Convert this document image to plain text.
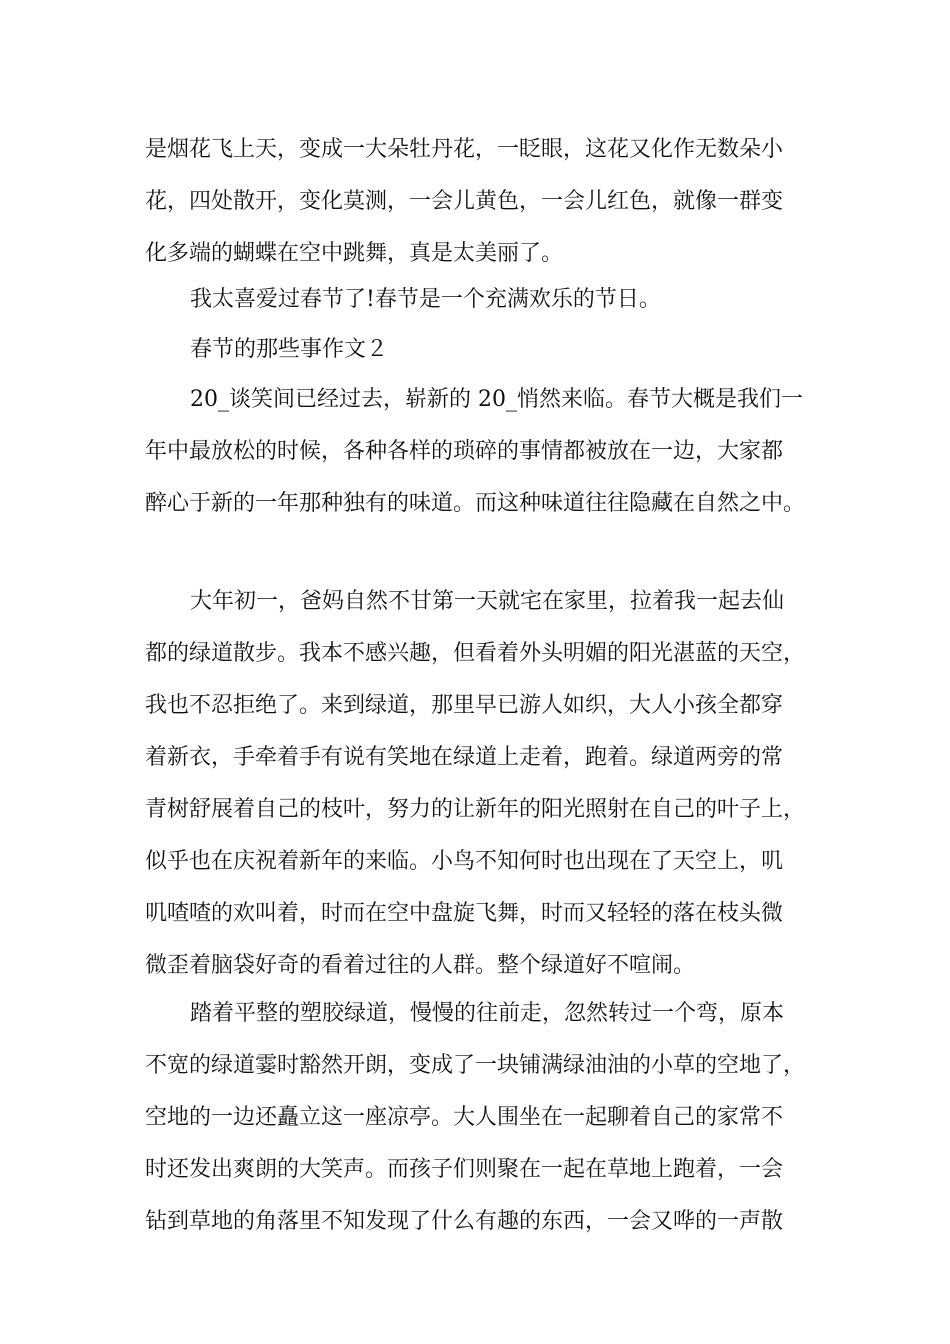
是烟花飞上天，变成一大朵牡丹花，一眨眼，这花又化作无数朵小
花，四处散开，变化莫测，一会儿黄色，一会儿红色，就像一群变
化多端的蝴蝶在空中跳舞，真是太美丽了。
我太喜爱过春节了!春节是一个充满欢乐的节日。
春节的那些事作文２
20_谈笑间已经过去，崭新的 20_悄然来临。春节大概是我们一
年中最放松的时候，各种各样的琐碎的事情都被放在一边，大家都
醉心于新的一年那种独有的味道。而这种味道往往隐藏在自然之中。
大年初一，爸妈自然不甘第一天就宅在家里，拉着我一起去仙
都的绿道散步。我本不感兴趣，但看着外头明媚的阳光湛蓝的天空，
我也不忍拒绝了。来到绿道，那里早已游人如织，大人小孩全都穿
着新衣，手牵着手有说有笑地在绿道上走着，跑着。绿道两旁的常
青树舒展着自己的枝叶，努力的让新年的阳光照射在自己的叶子上，
似乎也在庆祝着新年的来临。小鸟不知何时也出现在了天空上，叽
叽喳喳的欢叫着，时而在空中盘旋飞舞，时而又轻轻的落在枝头微
微歪着脑袋好奇的看着过往的人群。整个绿道好不喧闹。
踏着平整的塑胶绿道，慢慢的往前走，忽然转过一个弯，原本
不宽的绿道霎时豁然开朗，变成了一块铺满绿油油的小草的空地了，
空地的一边还矗立这一座凉亭。大人围坐在一起聊着自己的家常不
时还发出爽朗的大笑声。而孩子们则聚在一起在草地上跑着，一会
钻到草地的角落里不知发现了什么有趣的东西，一会又哗的一声散
